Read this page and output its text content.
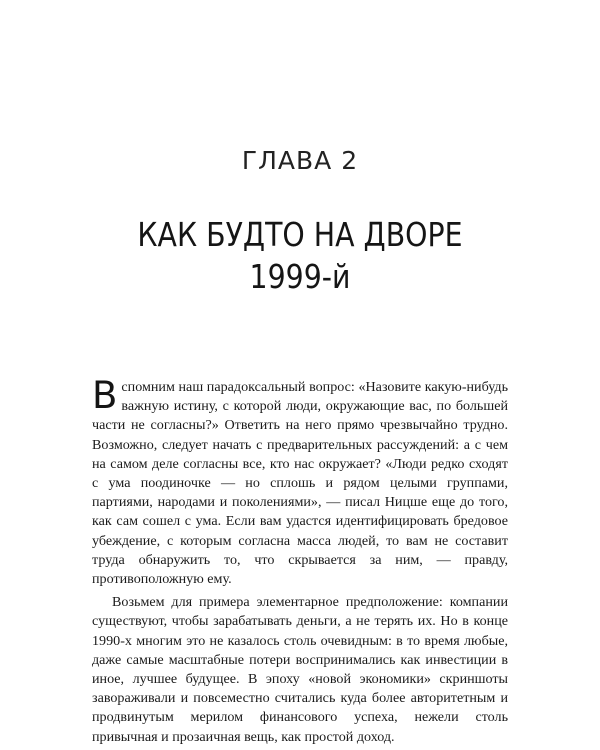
ГЛАВА 2
КАК БУДТО НА ДВОРЕ
1999-й

Вспомним наш парадоксальный вопрос: «Назовите какую-нибудь важную истину, с которой люди, окружающие вас, по большей части не согласны?» Ответить на него прямо чрезвычайно трудно. Возможно, следует начать с предварительных рассуждений: а с чем на самом деле согласны все, кто нас окружает? «Люди редко сходят с ума поодиночке — но сплошь и рядом целыми группами, партиями, народами и поколениями», — писал Ницше еще до того, как сам сошел с ума. Если вам удастся идентифицировать бредовое убеждение, с которым согласна масса людей, то вам не составит труда обнаружить то, что скрывается за ним, — правду, противоположную ему.

Возьмем для примера элементарное предположение: компании существуют, чтобы зарабатывать деньги, а не терять их. Но в конце 1990-х многим это не казалось столь очевидным: в то время любые, даже самые масштабные потери воспринимались как инвестиции в иное, лучшее будущее. В эпоху «новой экономики» скриншоты завораживали и повсеместно считались куда более авторитетным и продвинутым мерилом финансового успеха, нежели столь привычная и прозаичная вещь, как простой доход.
